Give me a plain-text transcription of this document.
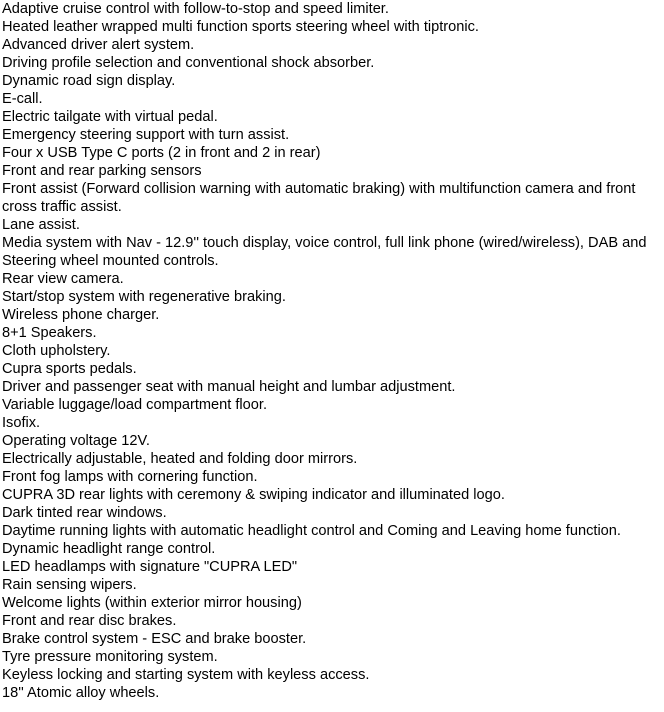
Adaptive cruise control with follow-to-stop and speed limiter.
Heated leather wrapped multi function sports steering wheel with tiptronic.
Advanced driver alert system.
Driving profile selection and conventional shock absorber.
Dynamic road sign display.
E-call.
Electric tailgate with virtual pedal.
Emergency steering support with turn assist.
Four x USB Type C ports (2 in front and 2 in rear)
Front and rear parking sensors
Front assist (Forward collision warning with automatic braking) with multifunction camera and front cross traffic assist.
Lane assist.
Media system with Nav - 12.9'' touch display, voice control, full link phone (wired/wireless), DAB and Steering wheel mounted controls.
Rear view camera.
Start/stop system with regenerative braking.
Wireless phone charger.
8+1 Speakers.
Cloth upholstery.
Cupra sports pedals.
Driver and passenger seat with manual height and lumbar adjustment.
Variable luggage/load compartment floor.
Isofix.
Operating voltage 12V.
Electrically adjustable, heated and folding door mirrors.
Front fog lamps with cornering function.
CUPRA 3D rear lights with ceremony & swiping indicator and illuminated logo.
Dark tinted rear windows.
Daytime running lights with automatic headlight control and Coming and Leaving home function.
Dynamic headlight range control.
LED headlamps with signature "CUPRA LED"
Rain sensing wipers.
Welcome lights (within exterior mirror housing)
Front and rear disc brakes.
Brake control system - ESC and brake booster.
Tyre pressure monitoring system.
Keyless locking and starting system with keyless access.
18'' Atomic alloy wheels.
